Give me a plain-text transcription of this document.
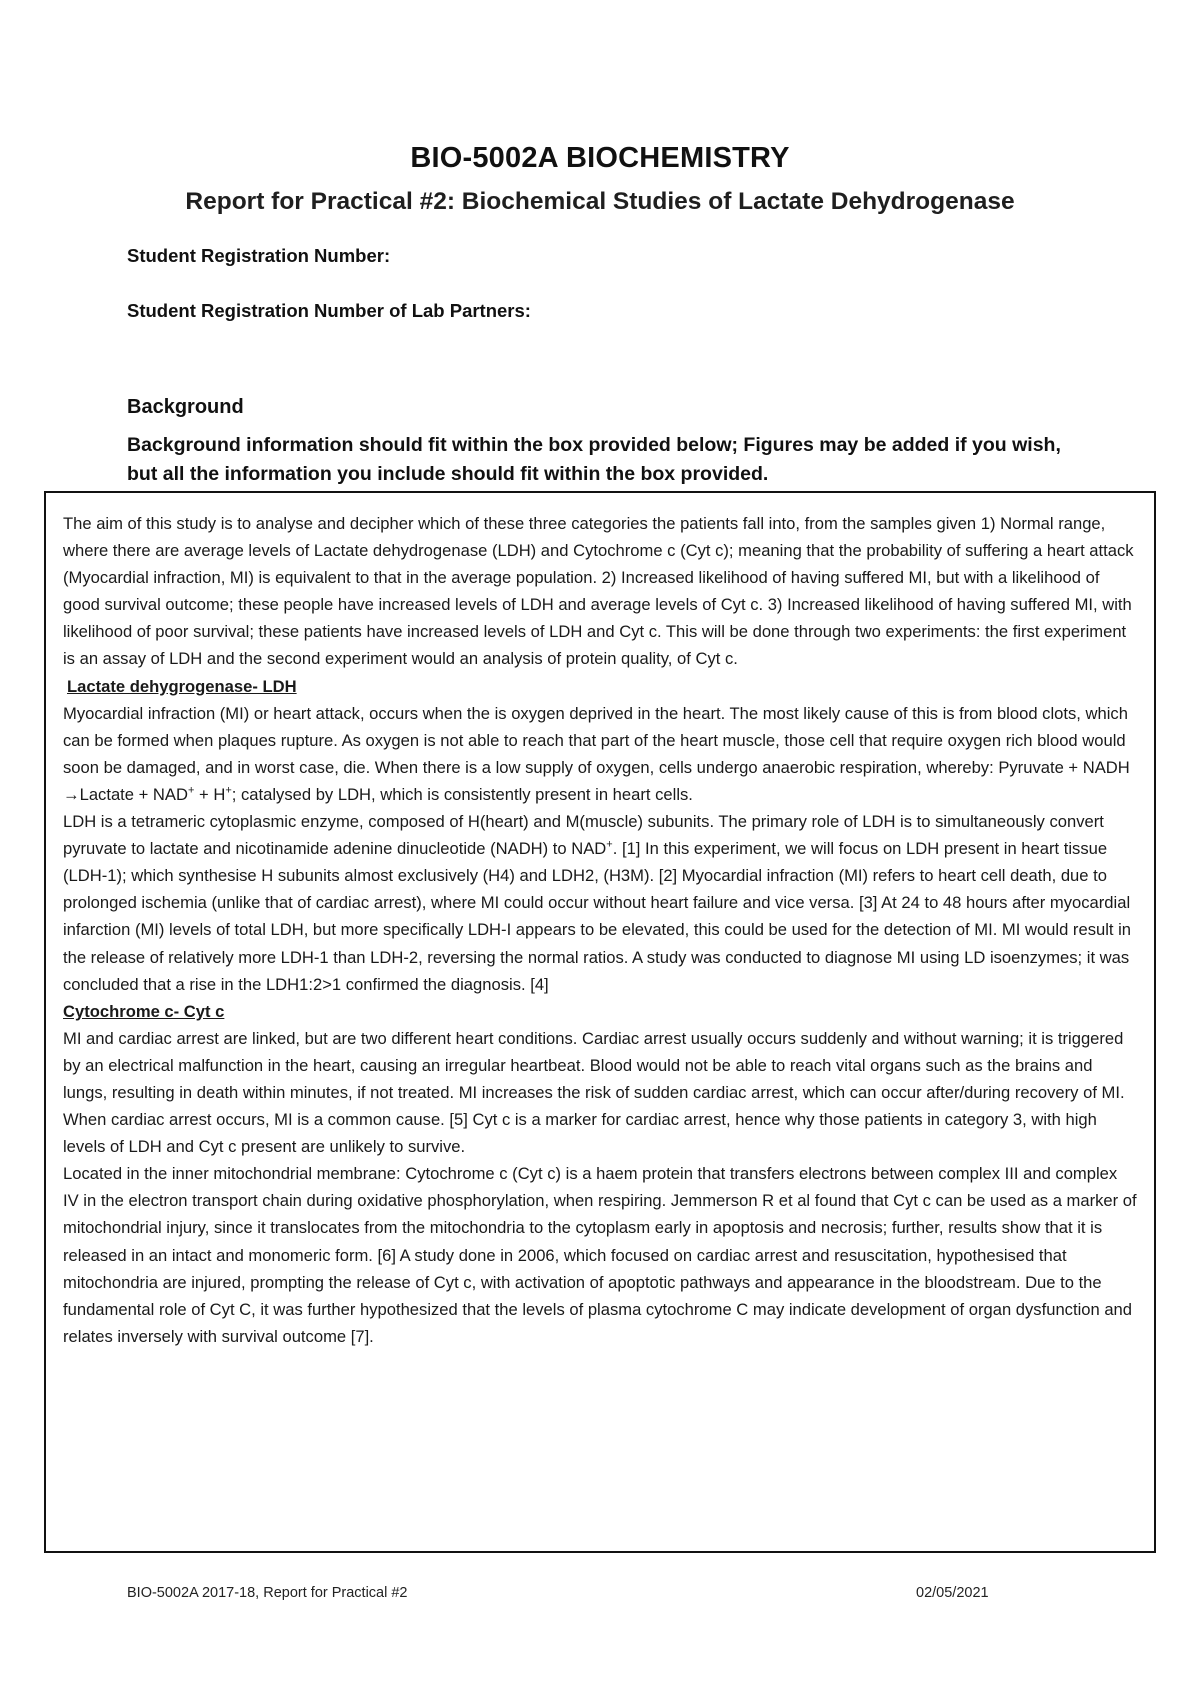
BIO-5002A BIOCHEMISTRY
Report for Practical #2: Biochemical Studies of Lactate Dehydrogenase
Student Registration Number:
Student Registration Number of Lab Partners:
Background
Background information should fit within the box provided below; Figures may be added if you wish, but all the information you include should fit within the box provided.

The aim of this study is to analyse and decipher which of these three categories the patients fall into, from the samples given 1) Normal range, where there are average levels of Lactate dehydrogenase (LDH) and Cytochrome c (Cyt c); meaning that the probability of suffering a heart attack (Myocardial infraction, MI) is equivalent to that in the average population. 2) Increased likelihood of having suffered MI, but with a likelihood of good survival outcome; these people have increased levels of LDH and average levels of Cyt c. 3) Increased likelihood of having suffered MI, with likelihood of poor survival; these patients have increased levels of LDH and Cyt c. This will be done through two experiments: the first experiment is an assay of LDH and the second experiment would an analysis of protein quality, of Cyt c.

Lactate dehygrogenase- LDH

Myocardial infraction (MI) or heart attack, occurs when the is oxygen deprived in the heart. The most likely cause of this is from blood clots, which can be formed when plaques rupture. As oxygen is not able to reach that part of the heart muscle, those cell that require oxygen rich blood would soon be damaged, and in worst case, die. When there is a low supply of oxygen, cells undergo anaerobic respiration, whereby: Pyruvate + NADH →Lactate + NAD+ + H+; catalysed by LDH, which is consistently present in heart cells.

LDH is a tetrameric cytoplasmic enzyme, composed of H(heart) and M(muscle) subunits. The primary role of LDH is to simultaneously convert pyruvate to lactate and nicotinamide adenine dinucleotide (NADH) to NAD+. [1] In this experiment, we will focus on LDH present in heart tissue (LDH-1); which synthesise H subunits almost exclusively (H4) and LDH2, (H3M). [2] Myocardial infraction (MI) refers to heart cell death, due to prolonged ischemia (unlike that of cardiac arrest), where MI could occur without heart failure and vice versa. [3] At 24 to 48 hours after myocardial infarction (MI) levels of total LDH, but more specifically LDH-I appears to be elevated, this could be used for the detection of MI. MI would result in the release of relatively more LDH-1 than LDH-2, reversing the normal ratios. A study was conducted to diagnose MI using LD isoenzymes; it was concluded that a rise in the LDH1:2>1 confirmed the diagnosis. [4]

Cytochrome c- Cyt c

MI and cardiac arrest are linked, but are two different heart conditions. Cardiac arrest usually occurs suddenly and without warning; it is triggered by an electrical malfunction in the heart, causing an irregular heartbeat. Blood would not be able to reach vital organs such as the brains and lungs, resulting in death within minutes, if not treated. MI increases the risk of sudden cardiac arrest, which can occur after/during recovery of MI. When cardiac arrest occurs, MI is a common cause. [5] Cyt c is a marker for cardiac arrest, hence why those patients in category 3, with high levels of LDH and Cyt c present are unlikely to survive.

Located in the inner mitochondrial membrane: Cytochrome c (Cyt c) is a haem protein that transfers electrons between complex III and complex IV in the electron transport chain during oxidative phosphorylation, when respiring. Jemmerson R et al found that Cyt c can be used as a marker of mitochondrial injury, since it translocates from the mitochondria to the cytoplasm early in apoptosis and necrosis; further, results show that it is released in an intact and monomeric form. [6] A study done in 2006, which focused on cardiac arrest and resuscitation, hypothesised that mitochondria are injured, prompting the release of Cyt c, with activation of apoptotic pathways and appearance in the bloodstream. Due to the fundamental role of Cyt C, it was further hypothesized that the levels of plasma cytochrome C may indicate development of organ dysfunction and relates inversely with survival outcome [7].

BIO-5002A 2017-18, Report for Practical #2	02/05/2021
